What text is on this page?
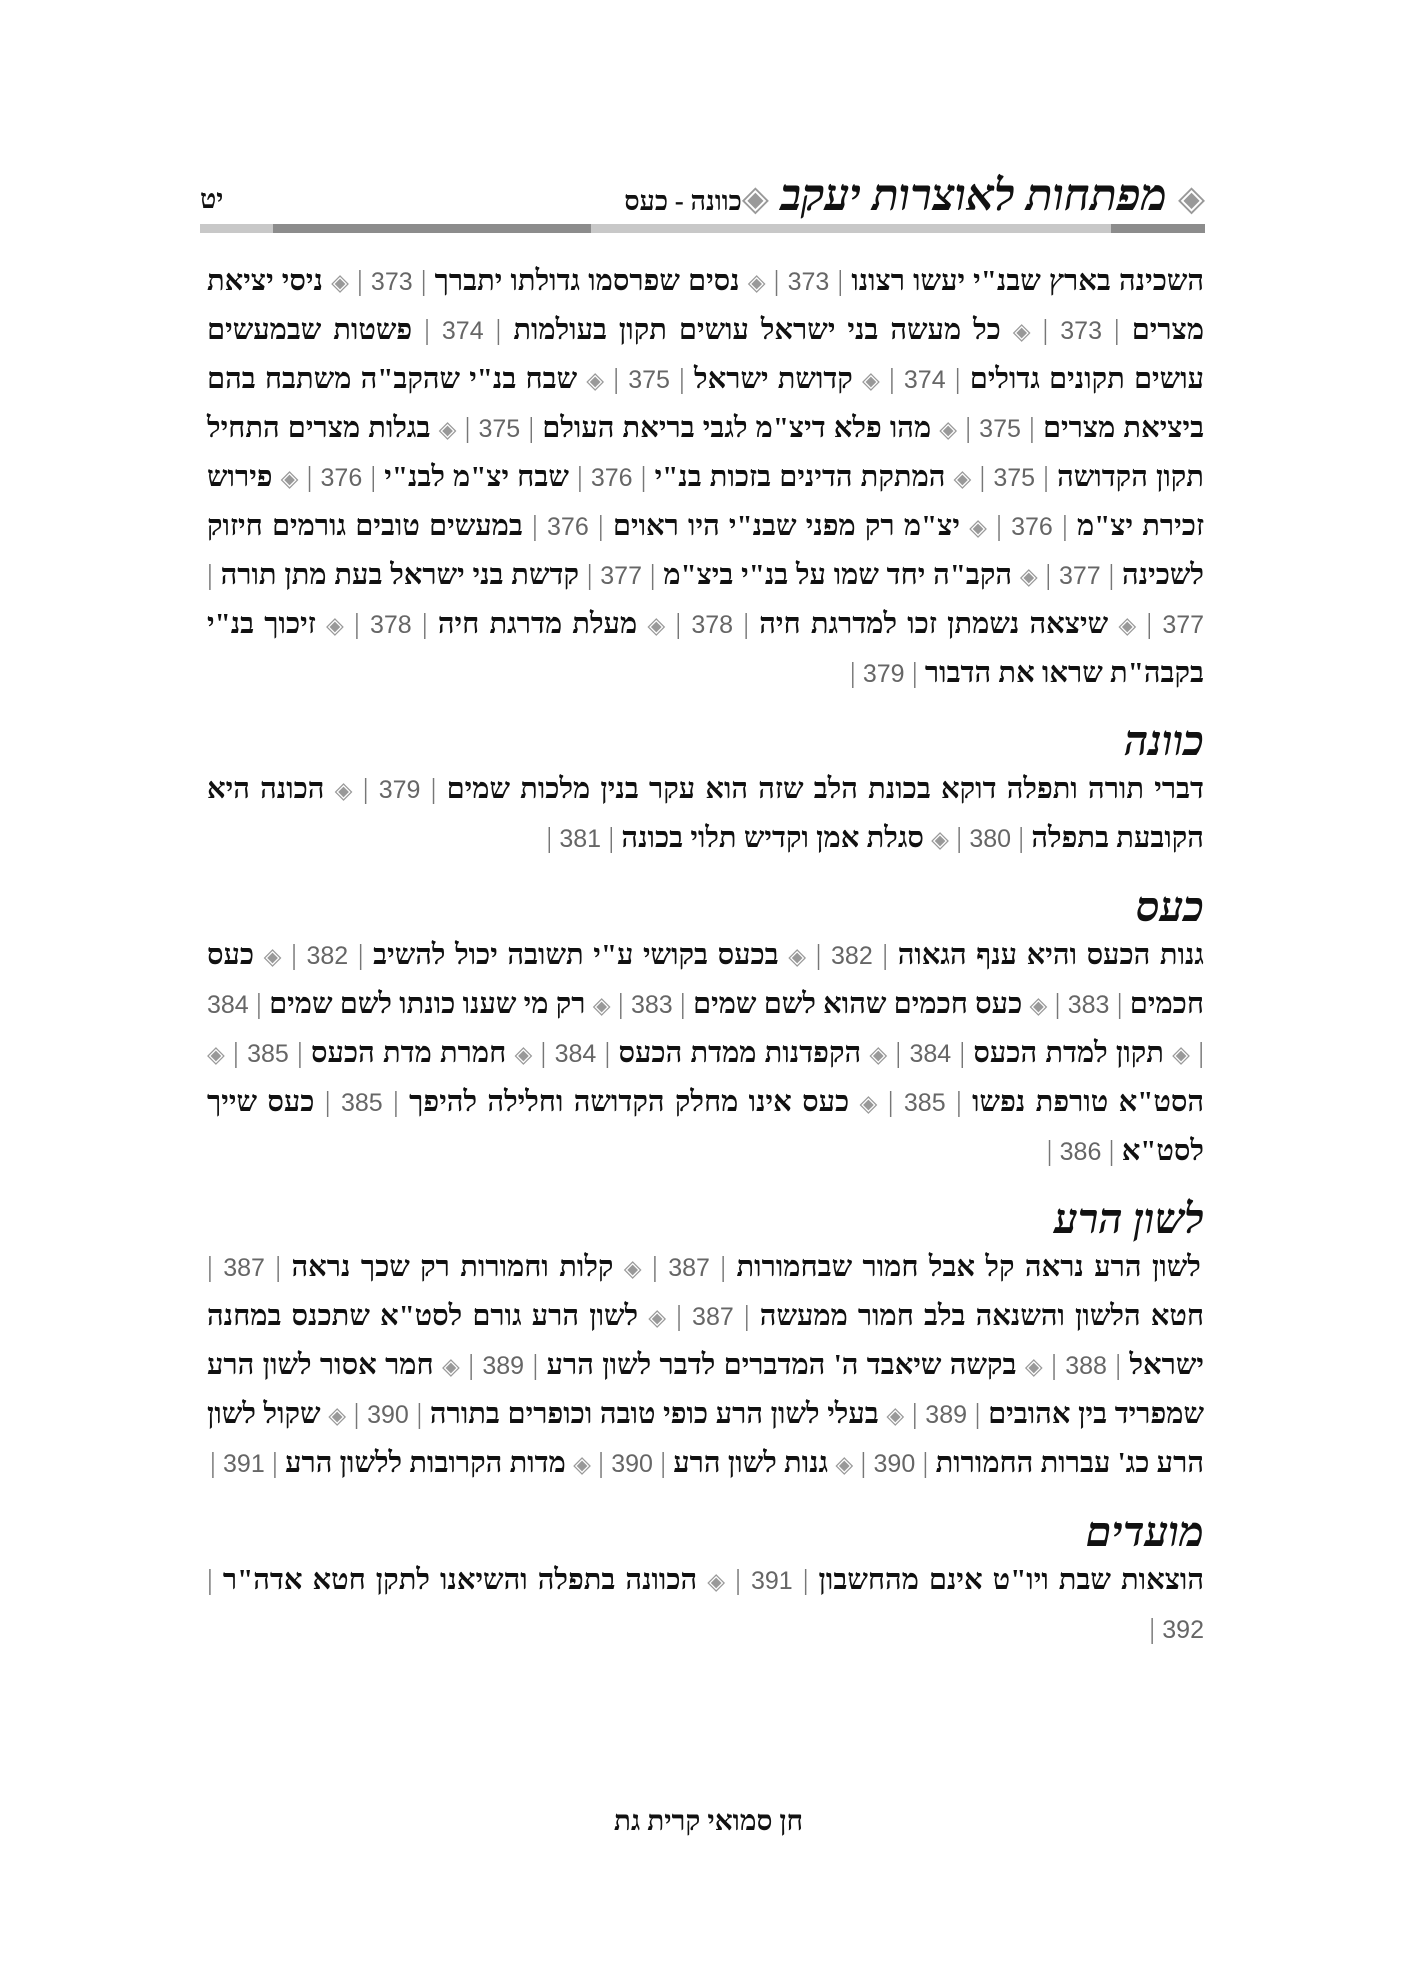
◈ מפתחות לאוצרות יעקב ◈כוונה - כעס
יט

השכינה בארץ שבנ"י יעשו רצונו | 373 | ◈ נסים שפרסמו גדולתו יתברך | 373 | ◈ ניסי יציאת מצרים | 373 | ◈ כל מעשה בני ישראל עושים תקון בעולמות | 374 | פשטות שבמעשים עושים תקונים גדולים | 374 | ◈ קדושת ישראל | 375 | ◈ שבח בנ"י שהקב"ה משתבח בהם ביציאת מצרים | 375 | ◈ מהו פלא דיצ"מ לגבי בריאת העולם | 375 | ◈ בגלות מצרים התחיל תקון הקדושה | 375 | ◈ המתקת הדינים בזכות בנ"י | 376 | שבח יצ"מ לבנ"י | 376 | ◈ פירוש זכירת יצ"מ | 376 | ◈ יצ"מ רק מפני שבנ"י היו ראוים | 376 | במעשים טובים גורמים חיזוק לשכינה | 377 | ◈ הקב"ה יחד שמו על בנ"י ביצ"מ | 377 | קדשת בני ישראל בעת מתן תורה | 377 | ◈ שיצאה נשמתן זכו למדרגת חיה | 378 | ◈ מעלת מדרגת חיה | 378 | ◈ זיכוך בנ"י בקבה"ת שראו את הדבור | 379 |

כוונה

דברי תורה ותפלה דוקא בכונת הלב שזה הוא עקר בנין מלכות שמים | 379 | ◈ הכונה היא הקובעת בתפלה | 380 | ◈ סגלת אמן וקדיש תלוי בכונה | 381 |

כעס

גנות הכעס והיא ענף הגאוה | 382 | ◈ בכעס בקושי ע"י תשובה יכול להשיב | 382 | ◈ כעס חכמים | 383 | ◈ כעס חכמים שהוא לשם שמים | 383 | ◈ רק מי שענו כונתו לשם שמים | 384 | ◈ תקון למדת הכעס | 384 | ◈ הקפדנות ממדת הכעס | 384 | ◈ חמרת מדת הכעס | 385 | ◈ הסט"א טורפת נפשו | 385 | ◈ כעס אינו מחלק הקדושה וחלילה להיפך | 385 | כעס שייך לסט"א | 386 |

לשון הרע

לשון הרע נראה קל אבל חמור שבחמורות | 387 | ◈ קלות וחמורות רק שכך נראה | 387 | חטא הלשון והשנאה בלב חמור ממעשה | 387 | ◈ לשון הרע גורם לסט"א שתכנס במחנה ישראל | 388 | ◈ בקשה שיאבד ה' המדברים לדבר לשון הרע | 389 | ◈ חמר אסור לשון הרע שמפריד בין אהובים | 389 | ◈ בעלי לשון הרע כופי טובה וכופרים בתורה | 390 | ◈ שקול לשון הרע כג' עברות החמורות | 390 | ◈ גנות לשון הרע | 390 | ◈ מדות הקרובות ללשון הרע | 391 |

מועדים

הוצאות שבת ויו"ט אינם מהחשבון | 391 | ◈ הכוונה בתפלה והשיאנו לתקן חטא אדה"ר | 392 |

חן סמואי קרית גת
